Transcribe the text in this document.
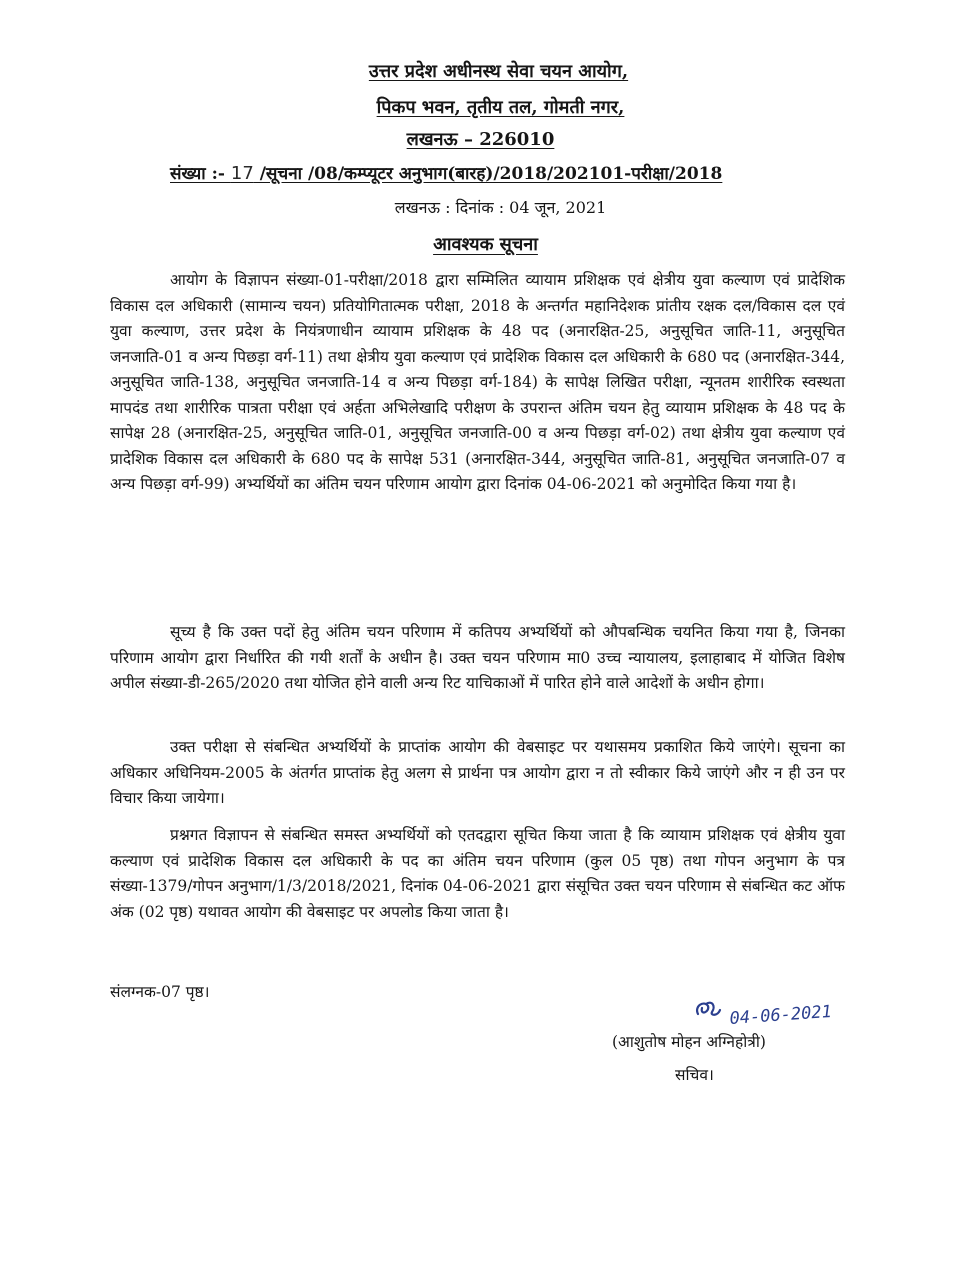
उत्तर प्रदेश अधीनस्थ सेवा चयन आयोग,
पिकप भवन, तृतीय तल, गोमती नगर,
लखनऊ – 226010
संख्या :- 17 /सूचना /08/कम्प्यूटर अनुभाग(बारह)/2018/202101-परीक्षा/2018
लखनऊ : दिनांक : 04 जून, 2021
आवश्यक सूचना

आयोग के विज्ञापन संख्या-01-परीक्षा/2018 द्वारा सम्मिलित व्यायाम प्रशिक्षक एवं क्षेत्रीय युवा कल्याण एवं प्रादेशिक विकास दल अधिकारी (सामान्य चयन) प्रतियोगितात्मक परीक्षा, 2018 के अन्तर्गत महानिदेशक प्रांतीय रक्षक दल/विकास दल एवं युवा कल्याण, उत्तर प्रदेश के नियंत्रणाधीन व्यायाम प्रशिक्षक के 48 पद (अनारक्षित-25, अनुसूचित जाति-11, अनुसूचित जनजाति-01 व अन्य पिछड़ा वर्ग-11) तथा क्षेत्रीय युवा कल्याण एवं प्रादेशिक विकास दल अधिकारी के 680 पद (अनारक्षित-344, अनुसूचित जाति-138, अनुसूचित जनजाति-14 व अन्य पिछड़ा वर्ग-184) के सापेक्ष लिखित परीक्षा, न्यूनतम शारीरिक स्वस्थता मापदंड तथा शारीरिक पात्रता परीक्षा एवं अर्हता अभिलेखादि परीक्षण के उपरान्त अंतिम चयन हेतु व्यायाम प्रशिक्षक के 48 पद के सापेक्ष 28 (अनारक्षित-25, अनुसूचित जाति-01, अनुसूचित जनजाति-00 व अन्य पिछड़ा वर्ग-02) तथा क्षेत्रीय युवा कल्याण एवं प्रादेशिक विकास दल अधिकारी के 680 पद के सापेक्ष 531 (अनारक्षित-344, अनुसूचित जाति-81, अनुसूचित जनजाति-07 व अन्य पिछड़ा वर्ग-99) अभ्यर्थियों का अंतिम चयन परिणाम आयोग द्वारा दिनांक 04-06-2021 को अनुमोदित किया गया है।

सूच्य है कि उक्त पदों हेतु अंतिम चयन परिणाम में कतिपय अभ्यर्थियों को औपबन्धिक चयनित किया गया है, जिनका परिणाम आयोग द्वारा निर्धारित की गयी शर्तों के अधीन है। उक्त चयन परिणाम मा0 उच्च न्यायालय, इलाहाबाद में योजित विशेष अपील संख्या-डी-265/2020 तथा योजित होने वाली अन्य रिट याचिकाओं में पारित होने वाले आदेशों के अधीन होगा।

उक्त परीक्षा से संबन्धित अभ्यर्थियों के प्राप्तांक आयोग की वेबसाइट पर यथासमय प्रकाशित किये जाएंगे। सूचना का अधिकार अधिनियम-2005 के अंतर्गत प्राप्तांक हेतु अलग से प्रार्थना पत्र आयोग द्वारा न तो स्वीकार किये जाएंगे और न ही उन पर विचार किया जायेगा।

प्रश्नगत विज्ञापन से संबन्धित समस्त अभ्यर्थियों को एतदद्वारा सूचित किया जाता है कि व्यायाम प्रशिक्षक एवं क्षेत्रीय युवा कल्याण एवं प्रादेशिक विकास दल अधिकारी के पद का अंतिम चयन परिणाम (कुल 05 पृष्ठ) तथा गोपन अनुभाग के पत्र संख्या-1379/गोपन अनुभाग/1/3/2018/2021, दिनांक 04-06-2021 द्वारा संसूचित उक्त चयन परिणाम से संबन्धित कट ऑफ अंक (02 पृष्ठ) यथावत आयोग की वेबसाइट पर अपलोड किया जाता है।

संलग्नक-07 पृष्ठ।
04-06-2021
(आशुतोष मोहन अग्निहोत्री)
सचिव।
